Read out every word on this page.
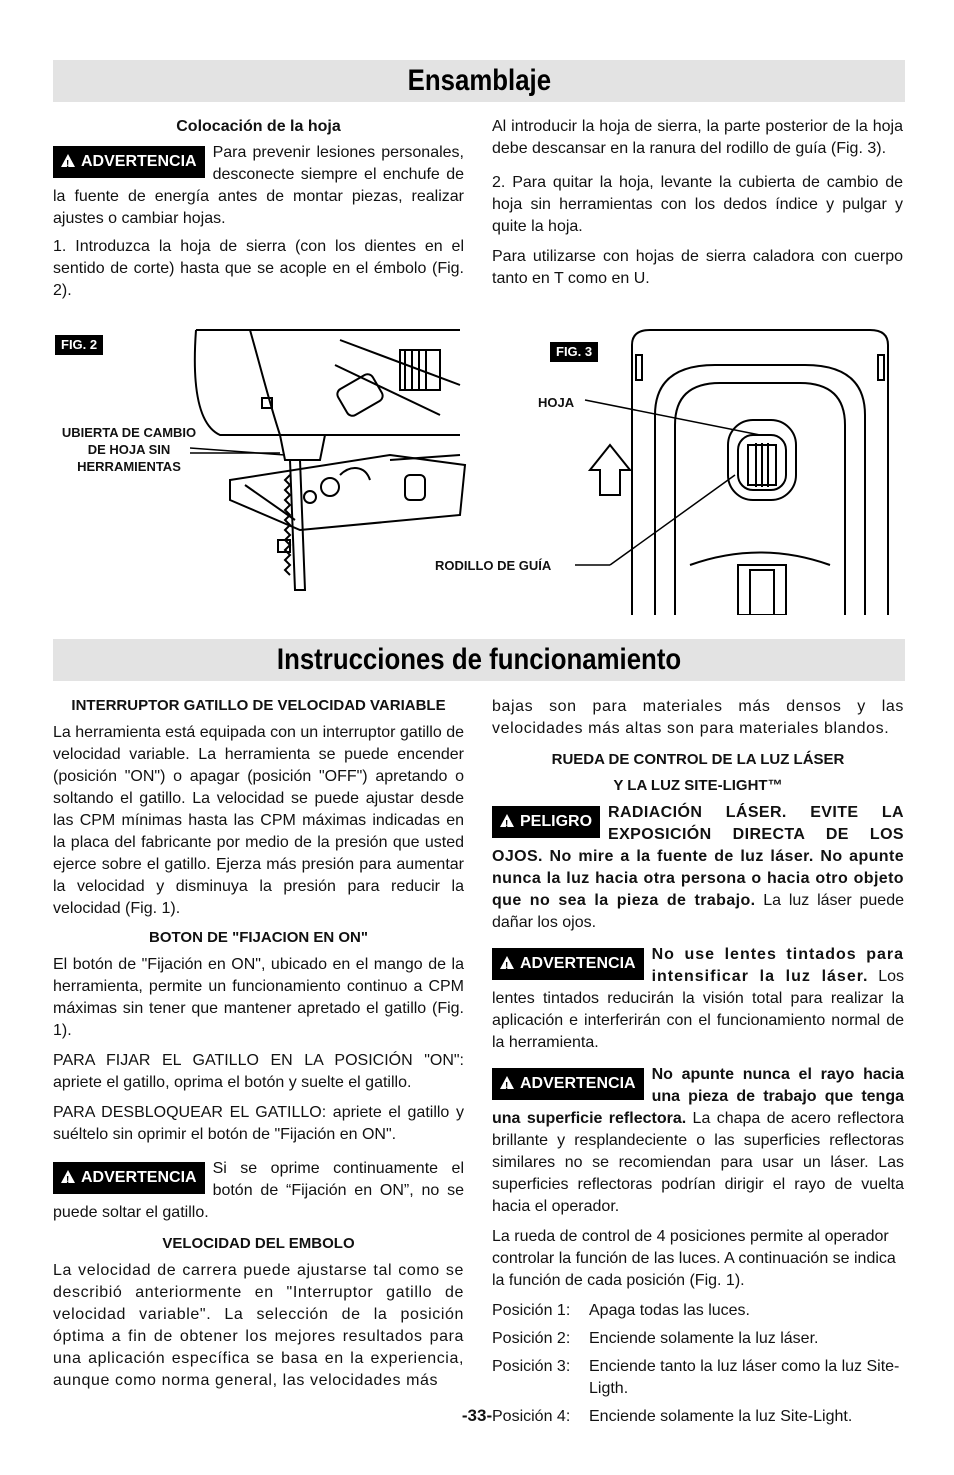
Ensamblaje

Colocación de la hoja

!ADVERTENCIA
Para prevenir lesiones personales, desconecte siempre el enchufe de la fuente de energía antes de montar piezas, realizar ajustes o cambiar hojas.

1. Introduzca la hoja de sierra (con los dientes en el sentido de corte) hasta que se acople en el émbolo (Fig. 2).

Al introducir la hoja de sierra, la parte posterior de la hoja debe descansar en la ranura del rodillo de guía (Fig. 3).

2. Para quitar la hoja, levante la cubierta de cambio de hoja sin herramientas con los dedos índice y pulgar y quite la hoja.

Para utilizarse con hojas de sierra caladora con cuerpo tanto en T como en U.

FIG. 2
UBIERTA DE CAMBIO
DE HOJA SIN
HERRAMIENTAS
FIG. 3
HOJA
RODILLO DE GUÍA
Instrucciones de funcionamiento

INTERRUPTOR GATILLO DE VELOCIDAD VARIABLE

La herramienta está equipada con un interruptor gatillo de velocidad variable. La herramienta se puede encender (posición "ON") o apagar (posición "OFF") apretando o soltando el gatillo. La velocidad se puede ajustar desde las CPM mínimas hasta las CPM máximas indicadas en la placa del fabricante por medio de la presión que usted ejerce sobre el gatillo. Ejerza más presión para aumentar la velocidad y disminuya la presión para reducir la velocidad (Fig. 1).

BOTON DE "FIJACION EN ON"

El botón de "Fijación en ON", ubicado en el mango de la herramienta, permite un funcionamiento continuo a CPM máximas sin tener que mantener apretado el gatillo (Fig. 1).

PARA FIJAR EL GATILLO EN LA POSICIÓN "ON": apriete el gatillo, oprima el botón y suelte el gatillo.

PARA DESBLOQUEAR EL GATILLO: apriete el gatillo y suéltelo sin oprimir el botón de "Fijación en ON".

!ADVERTENCIA
Si se oprime continuamente el botón de “Fijación en ON”, no se puede soltar el gatillo.

VELOCIDAD DEL EMBOLO

La velocidad de carrera puede ajustarse tal como se describió anteriormente en "Interruptor gatillo de velocidad variable". La selección de la posición óptima a fin de obtener los mejores resultados para una aplicación específica se basa en la experiencia, aunque como norma general, las velocidades más

bajas son para materiales más densos y las velocidades más altas son para materiales blandos.

RUEDA DE CONTROL DE LA LUZ LÁSER

Y LA LUZ SITE-LIGHT™

!PELIGRO
RADIACIÓN LÁSER. EVITE LA EXPOSICIÓN DIRECTA DE LOS OJOS. No mire a la fuente de luz láser. No apunte nunca la luz hacia otra persona o hacia otro objeto que no sea la pieza de trabajo. La luz láser puede dañar los ojos.

!ADVERTENCIA
No use lentes tintados para intensificar la luz láser. Los lentes tintados reducirán la visión total para realizar la aplicación e interferirán con el funcionamiento normal de la herramienta.

!ADVERTENCIA
No apunte nunca el rayo hacia una pieza de trabajo que tenga una superficie reflectora. La chapa de acero reflectora brillante y resplandeciente o las superficies reflectoras similares no se recomiendan para usar un láser. Las superficies reflectoras podrían dirigir el rayo de vuelta hacia el operador.

La rueda de control de 4 posiciones permite al operador controlar la función de las luces. A continuación se indica la función de cada posición (Fig. 1).

Posición 1:	Apaga todas las luces.
Posición 2:	Enciende solamente la luz láser.
Posición 3:	Enciende tanto la luz láser como la luz Site-Ligth.
Posición 4:	Enciende solamente la luz Site-Light.
-33-
